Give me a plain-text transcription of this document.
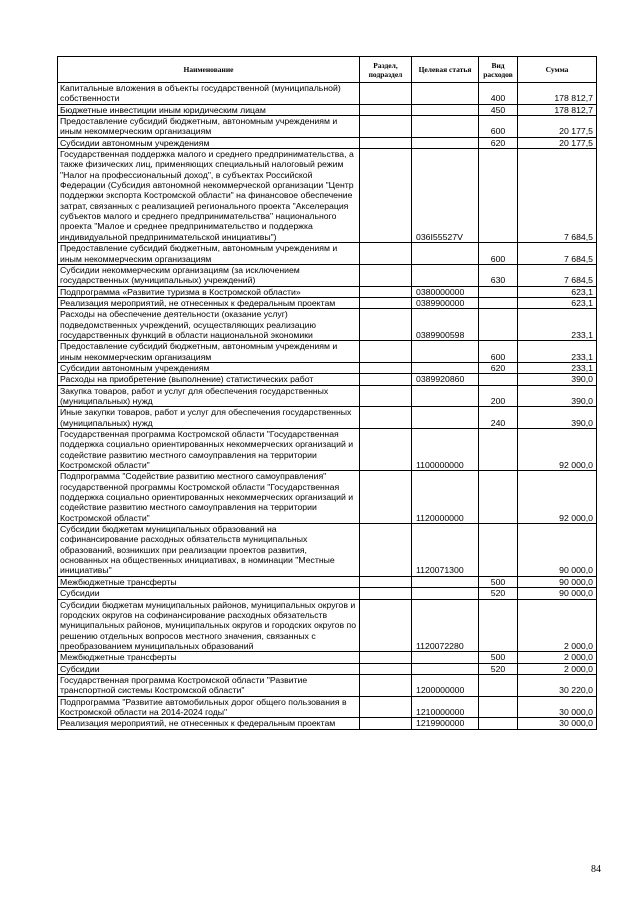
Наименование	Раздел, подраздел	Целевая статья	Вид расходов	Сумма
Капитальные вложения в объекты государственной (муниципальной) собственности			400	178 812,7
Бюджетные инвестиции иным юридическим лицам			450	178 812,7
Предоставление субсидий бюджетным, автономным учреждениям и иным некоммерческим организациям			600	20 177,5
Субсидии автономным учреждениям			620	20 177,5
Государственная поддержка малого и среднего предпринимательства, а также физических лиц, применяющих специальный налоговый режим "Налог на профессиональный доход", в субъектах Российской Федерации (Субсидия автономной некоммерческой организации "Центр поддержки экспорта Костромской области" на финансовое обеспечение затрат, связанных с реализацией регионального проекта "Акселерация субъектов малого и среднего предпринимательства" национального проекта "Малое и среднее предпринимательство и поддержка индивидуальной предпринимательской инициативы")		036I55527V		7 684,5
Предоставление субсидий бюджетным, автономным учреждениям и иным некоммерческим организациям			600	7 684,5
Субсидии некоммерческим организациям (за исключением государственных (муниципальных) учреждений)			630	7 684,5
Подпрограмма «Развитие туризма в Костромской области»		0380000000		623,1
Реализация мероприятий, не отнесенных к федеральным проектам		0389900000		623,1
Расходы на обеспечение деятельности (оказание услуг) подведомственных учреждений, осуществляющих реализацию государственных функций в области национальной экономики		0389900598		233,1
Предоставление субсидий бюджетным, автономным учреждениям и иным некоммерческим организациям			600	233,1
Субсидии автономным учреждениям			620	233,1
Расходы на приобретение (выполнение) статистических работ		0389920860		390,0
Закупка товаров, работ и услуг для обеспечения государственных (муниципальных) нужд			200	390,0
Иные закупки товаров, работ и услуг для обеспечения государственных (муниципальных) нужд			240	390,0
Государственная программа Костромской области "Государственная поддержка социально ориентированных некоммерческих организаций и содействие развитию местного самоуправления на территории Костромской области"		1100000000		92 000,0
Подпрограмма "Содействие развитию местного самоуправления" государственной программы Костромской области "Государственная поддержка социально ориентированных некоммерческих организаций и содействие развитию местного самоуправления на территории Костромской области"		1120000000		92 000,0
Субсидии бюджетам муниципальных образований на софинансирование расходных обязательств муниципальных образований, возникших при реализации проектов развития, основанных на общественных инициативах, в номинации "Местные инициативы"		1120071300		90 000,0
Межбюджетные трансферты			500	90 000,0
Субсидии			520	90 000,0
Субсидии бюджетам муниципальных районов, муниципальных округов и городских округов на софинансирование расходных обязательств муниципальных районов, муниципальных округов и городских округов по решению отдельных вопросов местного значения, связанных с преобразованием муниципальных образований		1120072280		2 000,0
Межбюджетные трансферты			500	2 000,0
Субсидии			520	2 000,0
Государственная программа Костромской области "Развитие транспортной системы Костромской области"		1200000000		30 220,0
Подпрограмма "Развитие автомобильных дорог общего пользования в Костромской области на 2014-2024 годы"		1210000000		30 000,0
Реализация мероприятий, не отнесенных к федеральным проектам		1219900000		30 000,0
84
